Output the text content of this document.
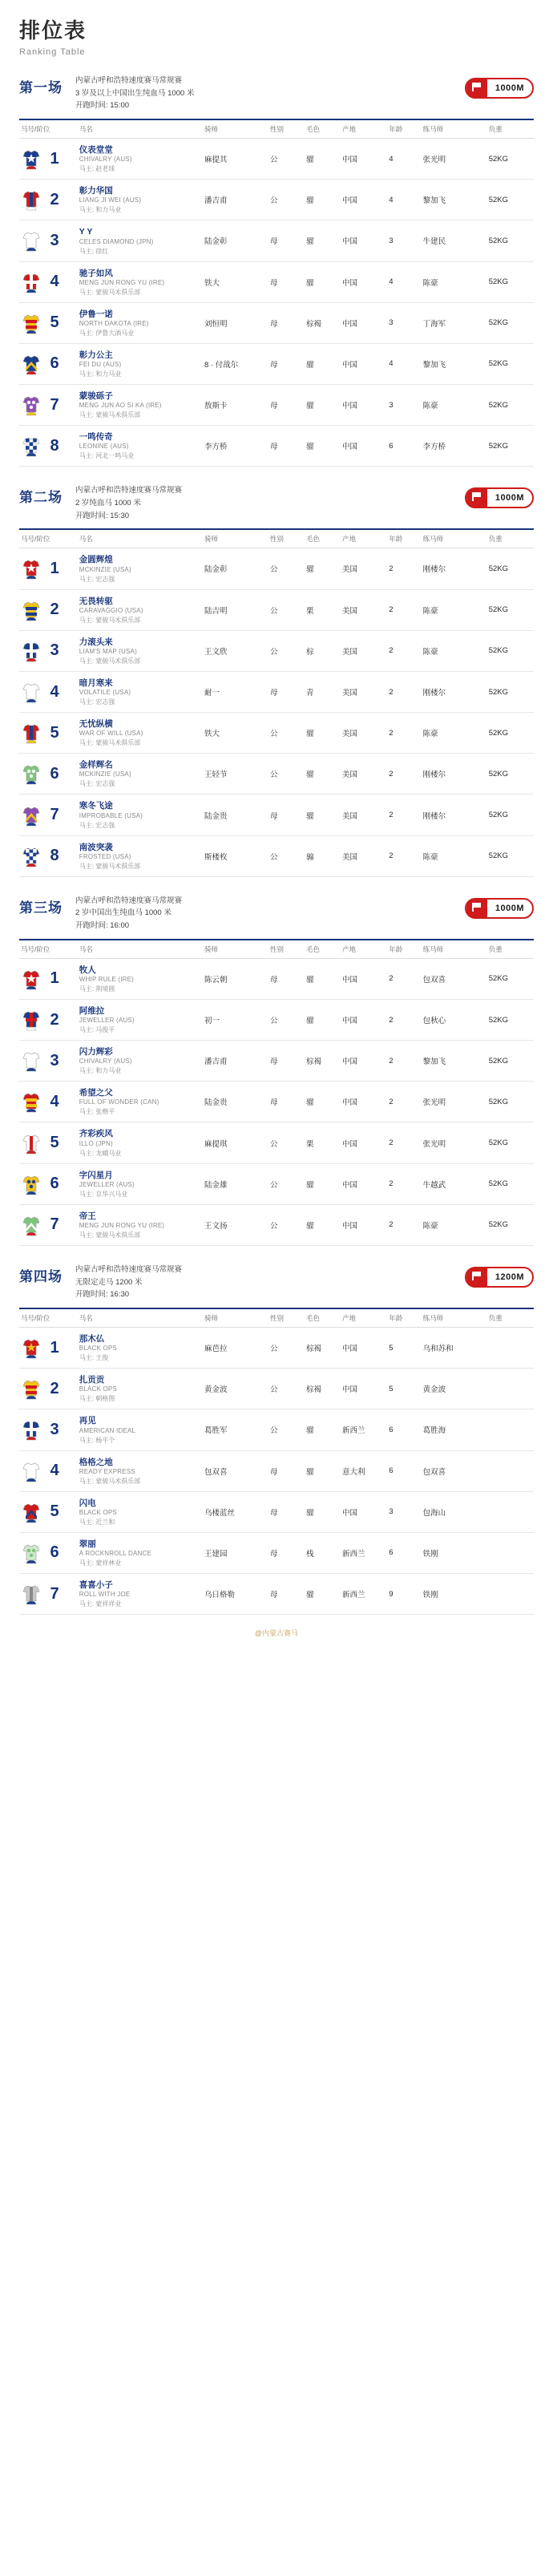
排位表
Ranking Table
第一场 内蒙古呼和浩特速度赛马常规赛
3 岁及以上中国出生纯血马 1000 米
开跑时间: 15:00
1000M
马号/阶位	马名	骑师	性别	毛色	产地	年龄	练马师	负重

1	仪表堂堂
CHIVALRY (AUS)
马主: 赵老球	麻提其	公	骝	中国	4	张光明	52KG

2	彰力华国
LIANG JI WEI (AUS)
马主: 和力马业	潘吉甫	公	骝	中国	4	黎加飞	52KG

3	Y Y
CELES DIAMOND (JPN)
马主: 徐红	陆金彰	母	骝	中国	3	牛建民	52KG

4	驰子如风
MENG JUN RONG YU (IRE)
马主: 蒙骏马术俱乐部	铁大	母	骝	中国	4	陈豪	52KG

5	伊鲁一诺
NORTH DAKOTA (IRE)
马主: 伊鲁大酒马业	刘恒明	母	棕褐	中国	3	丁海军	52KG

6	彰力公主
FEI DU (AUS)
马主: 和力马业	8 · 付战尔	母	骝	中国	4	黎加飞	52KG

7	蒙骏砾子
MENG JUN AO SI KA (IRE)
马主: 蒙骏马术俱乐部	敖斯卡	母	骝	中国	3	陈豪	52KG

8	一鸣传奇
LEONINE (AUS)
马主: 河北一鸣马业	李方桥	母	骝	中国	6	李方桥	52KG
第二场 内蒙古呼和浩特速度赛马常规赛
2 岁纯血马 1000 米
开跑时间: 15:30
1000M
马号/阶位	马名	骑师	性别	毛色	产地	年龄	练马师	负重

1	金圆辉煌
MCKINZIE (USA)
马主: 宏志强	陆金彰	公	骝	美国	2	刚楼尔	52KG

2	无畏转驱
CARAVAGGIO (USA)
马主: 蒙骏马术俱乐部	陆吉明	公	栗	美国	2	陈豪	52KG

3	力滚头来
LIAM'S MAP (USA)
马主: 蒙骏马术俱乐部	王文欣	公	棕	美国	2	陈豪	52KG

4	暗月寒来
VOLATILE (USA)
马主: 宏志强	耐一	母	青	美国	2	刚楼尔	52KG

5	无忧纵横
WAR OF WILL (USA)
马主: 蒙骏马术俱乐部	铁大	公	骝	美国	2	陈豪	52KG

6	金样辉名
MCKINZIE (USA)
马主: 宏志强	王轻节	公	骝	美国	2	刚楼尔	52KG

7	寒冬飞途
IMPROBABLE (USA)
马主: 宏志强	陆金贵	母	骝	美国	2	刚楼尔	52KG

8	南波突袭
FROSTED (USA)
马主: 蒙骏马术俱乐部	斯楼枚	公	骟	美国	2	陈豪	52KG
第三场 内蒙古呼和浩特速度赛马常规赛
2 岁中国出生纯血马 1000 米
开跑时间: 16:00
1000M
马号/阶位	马名	骑师	性别	毛色	产地	年龄	练马师	负重

1	牧人
WHIP RULE (IRE)
马主: 荆境圆	陈云朝	母	骝	中国	2	包双喜	52KG

2	阿维拉
JEWELLER (AUS)
马主: 马俊平	初一	公	骝	中国	2	包秋心	52KG

3	闪力辉彩
CHIVALRY (AUS)
马主: 和力马业	潘吉甫	母	棕褐	中国	2	黎加飞	52KG

4	希望之父
FULL OF WONDER (CAN)
马主: 张楷平	陆金贵	母	骝	中国	2	张光明	52KG

5	齐彩疾风
ILLO (JPN)
马主: 龙峨马业	麻提琪	公	栗	中国	2	张光明	52KG

6	字闪星月
JEWELLER (AUS)
马主: 京华兴马业	陆金雄	公	骝	中国	2	牛越武	52KG

7	帝王
MENG JUN RONG YU (IRE)
马主: 蒙骏马术俱乐部	王文扬	公	骝	中国	2	陈豪	52KG
第四场 内蒙古呼和浩特速度赛马常规赛
无限定走马 1200 米
开跑时间: 16:30
1200M
马号/阶位	马名	骑师	性别	毛色	产地	年龄	练马师	负重

1	那木仏
BLACK OPS
马主: 王俊	麻芭拉	公	棕褐	中国	5	乌和苏和	

2	扎贡贡
BLACK OPS
马主: 朝格图	黄金波	公	棕褐	中国	5	黄金波	

3	再见
AMERICAN IDEAL
马主: 杨平个	葛胜军	公	骝	新西兰	6	葛胜海	

4	格格之地
READY EXPRESS
马主: 蒙骏马术俱乐部	包双喜	母	骝	意大利	6	包双喜	

5	闪电
BLACK OPS
马主: 近兰和	乌楼蓝丝	母	骝	中国	3	包海山	

6	翠丽
A ROCKNROLL DANCE
马主: 蒙祥林业	王建园	母	栈	新西兰	6	铁刚	

7	喜喜小子
ROLL WITH JOE
马主: 蒙祥祥业	乌日格勒	母	骝	新西兰	9	铁刚	
@内蒙古赛马
